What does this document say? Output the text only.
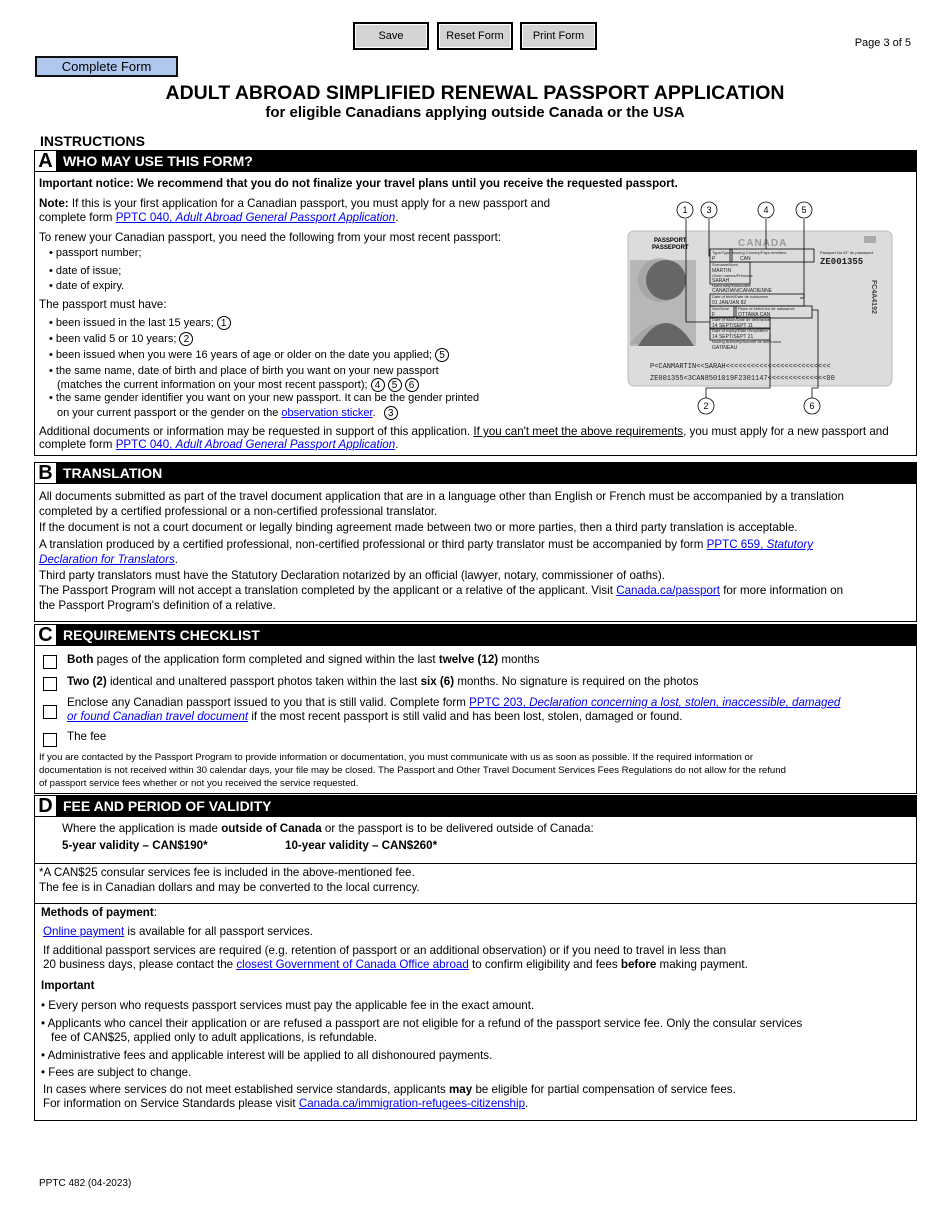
Save	Reset Form	Print Form
Page 3 of 5
Complete Form
ADULT ABROAD SIMPLIFIED RENEWAL PASSPORT APPLICATION
for eligible Canadians applying outside Canada or the USA
INSTRUCTIONS
A WHO MAY USE THIS FORM?
Important notice: We recommend that you do not finalize your travel plans until you receive the requested passport.
Note: If this is your first application for a Canadian passport, you must apply for a new passport and
complete form PPTC 040, Adult Abroad General Passport Application.
To renew your Canadian passport, you need the following from your most recent passport:
• passport number;
• date of issue;
• date of expiry.
The passport must have:
• been issued in the last 15 years; 1
• been valid 5 or 10 years; 2
• been issued when you were 16 years of age or older on the date you applied; 5
• the same name, date of birth and place of birth you want on your new passport
(matches the current information on your most recent passport); 4 5 6
• the same gender identifier you want on your new passport. It can be the gender printed
on your current passport or the gender on the observation sticker. 3
Additional documents or information may be requested in support of this application. If you can't meet the above requirements, you must apply for a new passport and
complete form PPTC 040, Adult Abroad General Passport Application.
PASSPORT
PASSEPORT	CANADA
Type/Type
P
Issuing Country/Pays émetteur
CAN
Passport No./N° de passeport
ZE001355
Surname/Nom
MARTIN
Given names/Prénoms
SARAH
Nationality/Nationalité
CANADIAN/CANADIENNE
Date of birth/Date de naissance
01 JAN/JAN 82
Sex/Sexe
F
Place of birth/Lieu de naissance
OTTAWA CAN
Date of issue/Date de délivrance
14 SEPT/SEPT 11
Date of expiry/Date d'expiration
14 SEPT/SEPT 21
Issuing Authority/Autorité de délivrance
GATINEAU
FC4A4192
P<CANMARTIN<<SARAH<<<<<<<<<<<<<<<<<<<<<<<<<
ZE001355<3CAN8501019F2301147<<<<<<<<<<<<<<00
1 3	4	5
2	6
B TRANSLATION
All documents submitted as part of the travel document application that are in a language other than English or French must be accompanied by a translation
completed by a certified professional or a non-certified professional translator.
If the document is not a court document or legally binding agreement made between two or more parties, then a third party translation is acceptable.
A translation produced by a certified professional, non-certified professional or third party translator must be accompanied by form PPTC 659, Statutory
Declaration for Translators.
Third party translators must have the Statutory Declaration notarized by an official (lawyer, notary, commissioner of oaths).
The Passport Program will not accept a translation completed by the applicant or a relative of the applicant. Visit Canada.ca/passport for more information on
the Passport Program's definition of a relative.
C REQUIREMENTS CHECKLIST
Both pages of the application form completed and signed within the last twelve (12) months
Two (2) identical and unaltered passport photos taken within the last six (6) months. No signature is required on the photos
Enclose any Canadian passport issued to you that is still valid. Complete form PPTC 203, Declaration concerning a lost, stolen, inaccessible, damaged
or found Canadian travel document if the most recent passport is still valid and has been lost, stolen, damaged or found.
The fee
If you are contacted by the Passport Program to provide information or documentation, you must communicate with us as soon as possible. If the required information or
documentation is not received within 30 calendar days, your file may be closed. The Passport and Other Travel Document Services Fees Regulations do not allow for the refund
of passport service fees whether or not you received the service requested.
D FEE AND PERIOD OF VALIDITY
Where the application is made outside of Canada or the passport is to be delivered outside of Canada:
5-year validity – CAN$190*	10-year validity – CAN$260*
*A CAN$25 consular services fee is included in the above-mentioned fee.
The fee is in Canadian dollars and may be converted to the local currency.
Methods of payment:
Online payment is available for all passport services.
If additional passport services are required (e.g. retention of passport or an additional observation) or if you need to travel in less than
20 business days, please contact the closest Government of Canada Office abroad to confirm eligibility and fees before making payment.
Important
• Every person who requests passport services must pay the applicable fee in the exact amount.
• Applicants who cancel their application or are refused a passport are not eligible for a refund of the passport service fee. Only the consular services
fee of CAN$25, applied only to adult applications, is refundable.
• Administrative fees and applicable interest will be applied to all dishonoured payments.
• Fees are subject to change.
In cases where services do not meet established service standards, applicants may be eligible for partial compensation of service fees.
For information on Service Standards please visit Canada.ca/immigration-refugees-citizenship.
PPTC 482 (04-2023)
